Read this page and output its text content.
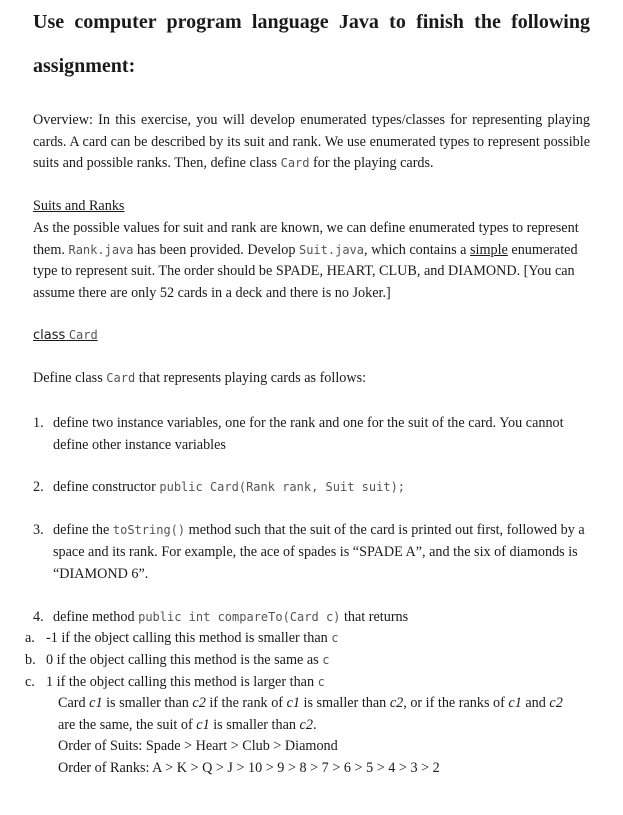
Use computer program language Java to finish the following
assignment:
Overview: In this exercise, you will develop enumerated types/classes for representing playing cards. A card can be described by its suit and rank. We use enumerated types to represent possible suits and possible ranks. Then, define class Card for the playing cards.
Suits and Ranks
As the possible values for suit and rank are known, we can define enumerated types to represent them. Rank.java has been provided. Develop Suit.java, which contains a simple enumerated type to represent suit. The order should be SPADE, HEART, CLUB, and DIAMOND. [You can assume there are only 52 cards in a deck and there is no Joker.]
class Card
Define class Card that represents playing cards as follows:
1. define two instance variables, one for the rank and one for the suit of the card. You cannot define other instance variables
2. define constructor public Card(Rank rank, Suit suit);
3. define the toString() method such that the suit of the card is printed out first, followed by a space and its rank. For example, the ace of spades is “SPADE A”, and the six of diamonds is “DIAMOND 6”.
4. define method public int compareTo(Card c) that returns
a. -1 if the object calling this method is smaller than c
b. 0 if the object calling this method is the same as c
c. 1 if the object calling this method is larger than c
Card c1 is smaller than c2 if the rank of c1 is smaller than c2, or if the ranks of c1 and c2 are the same, the suit of c1 is smaller than c2.
Order of Suits: Spade > Heart > Club > Diamond
Order of Ranks: A > K > Q > J > 10 > 9 > 8 > 7 > 6 > 5 > 4 > 3 > 2
